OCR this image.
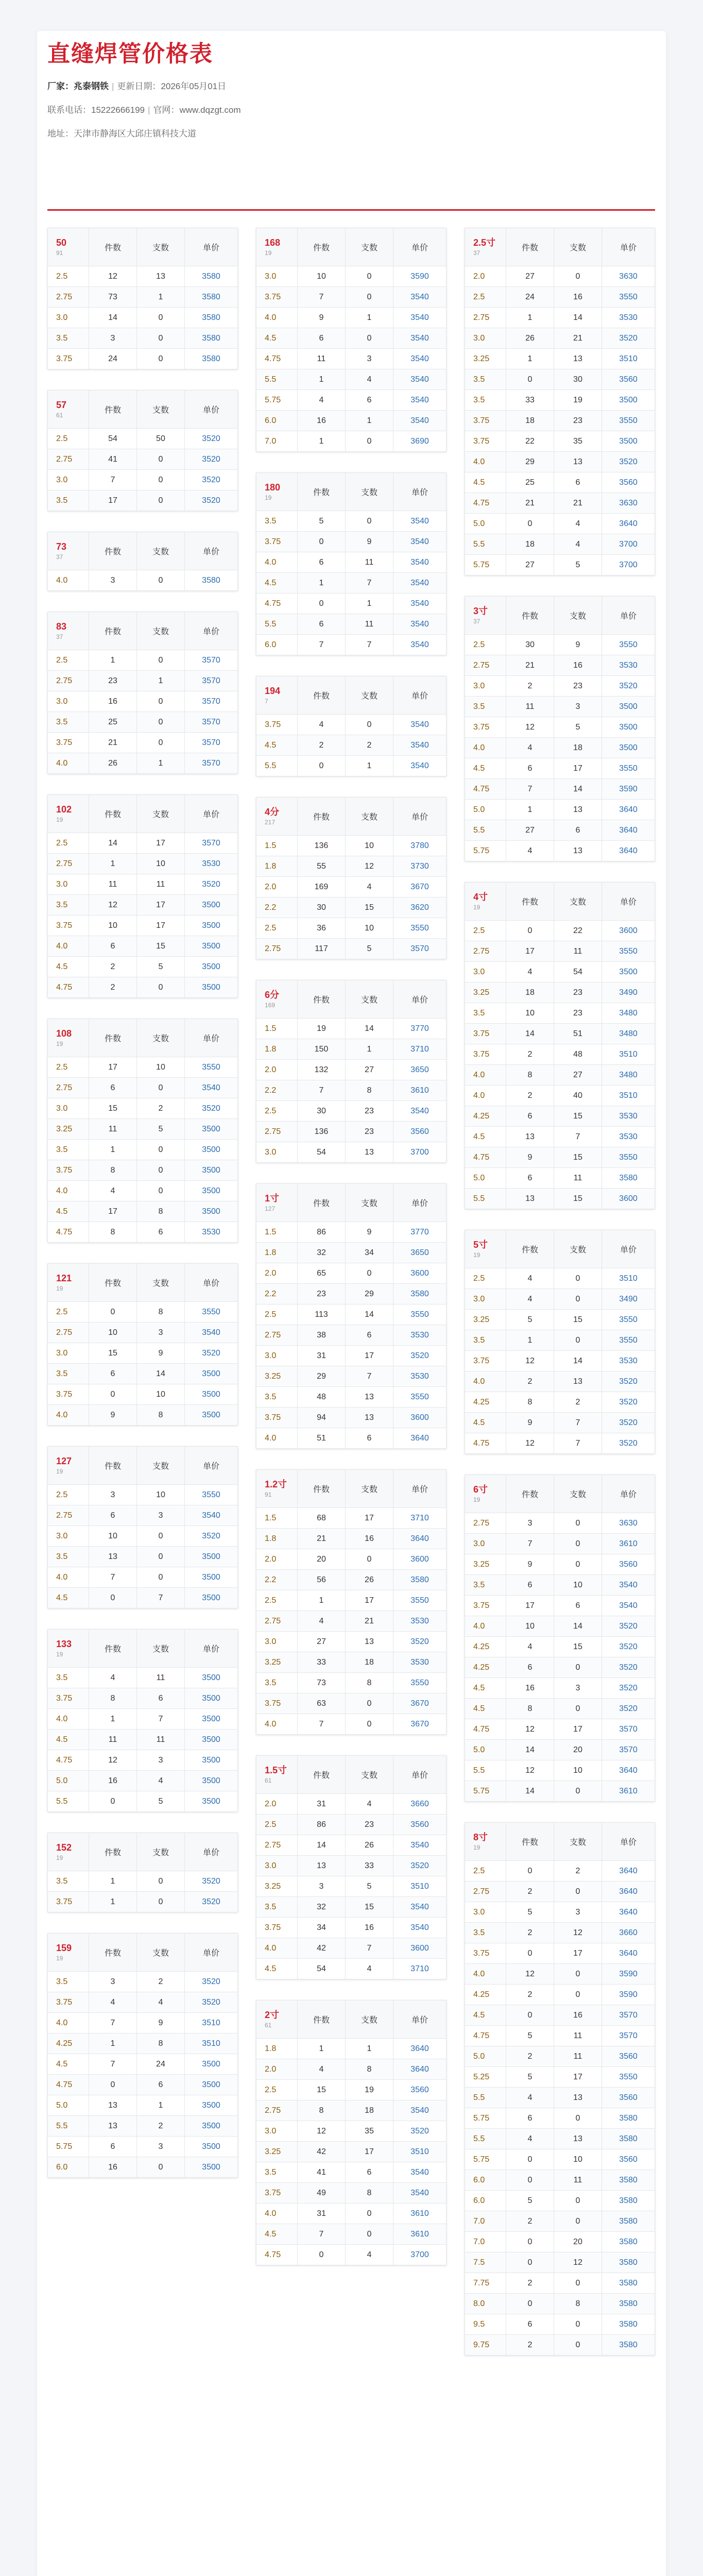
直缝焊管价格表
厂家：兆泰钢铁 | 更新日期：2026年05月01日
联系电话：15222666199 | 官网：www.dqzgt.com
地址：天津市静海区大邱庄镇科技大道
50
91	件数	支数	单价
2.5	12	13	3580
2.75	73	1	3580
3.0	14	0	3580
3.5	3	0	3580
3.75	24	0	3580
57
61	件数	支数	单价
2.5	54	50	3520
2.75	41	0	3520
3.0	7	0	3520
3.5	17	0	3520
73
37	件数	支数	单价
4.0	3	0	3580
83
37	件数	支数	单价
2.5	1	0	3570
2.75	23	1	3570
3.0	16	0	3570
3.5	25	0	3570
3.75	21	0	3570
4.0	26	1	3570
102
19	件数	支数	单价
2.5	14	17	3570
2.75	1	10	3530
3.0	11	11	3520
3.5	12	17	3500
3.75	10	17	3500
4.0	6	15	3500
4.5	2	5	3500
4.75	2	0	3500
108
19	件数	支数	单价
2.5	17	10	3550
2.75	6	0	3540
3.0	15	2	3520
3.25	11	5	3500
3.5	1	0	3500
3.75	8	0	3500
4.0	4	0	3500
4.5	17	8	3500
4.75	8	6	3530
121
19	件数	支数	单价
2.5	0	8	3550
2.75	10	3	3540
3.0	15	9	3520
3.5	6	14	3500
3.75	0	10	3500
4.0	9	8	3500
127
19	件数	支数	单价
2.5	3	10	3550
2.75	6	3	3540
3.0	10	0	3520
3.5	13	0	3500
4.0	7	0	3500
4.5	0	7	3500
133
19	件数	支数	单价
3.5	4	11	3500
3.75	8	6	3500
4.0	1	7	3500
4.5	11	11	3500
4.75	12	3	3500
5.0	16	4	3500
5.5	0	5	3500
152
19	件数	支数	单价
3.5	1	0	3520
3.75	1	0	3520
159
19	件数	支数	单价
3.5	3	2	3520
3.75	4	4	3520
4.0	7	9	3510
4.25	1	8	3510
4.5	7	24	3500
4.75	0	6	3500
5.0	13	1	3500
5.5	13	2	3500
5.75	6	3	3500
6.0	16	0	3500
168
19	件数	支数	单价
3.0	10	0	3590
3.75	7	0	3540
4.0	9	1	3540
4.5	6	0	3540
4.75	11	3	3540
5.5	1	4	3540
5.75	4	6	3540
6.0	16	1	3540
7.0	1	0	3690
180
19	件数	支数	单价
3.5	5	0	3540
3.75	0	9	3540
4.0	6	11	3540
4.5	1	7	3540
4.75	0	1	3540
5.5	6	11	3540
6.0	7	7	3540
194
7	件数	支数	单价
3.75	4	0	3540
4.5	2	2	3540
5.5	0	1	3540
4分
217	件数	支数	单价
1.5	136	10	3780
1.8	55	12	3730
2.0	169	4	3670
2.2	30	15	3620
2.5	36	10	3550
2.75	117	5	3570
6分
169	件数	支数	单价
1.5	19	14	3770
1.8	150	1	3710
2.0	132	27	3650
2.2	7	8	3610
2.5	30	23	3540
2.75	136	23	3560
3.0	54	13	3700
1寸
127	件数	支数	单价
1.5	86	9	3770
1.8	32	34	3650
2.0	65	0	3600
2.2	23	29	3580
2.5	113	14	3550
2.75	38	6	3530
3.0	31	17	3520
3.25	29	7	3530
3.5	48	13	3550
3.75	94	13	3600
4.0	51	6	3640
1.2寸
91	件数	支数	单价
1.5	68	17	3710
1.8	21	16	3640
2.0	20	0	3600
2.2	56	26	3580
2.5	1	17	3550
2.75	4	21	3530
3.0	27	13	3520
3.25	33	18	3530
3.5	73	8	3550
3.75	63	0	3670
4.0	7	0	3670
1.5寸
61	件数	支数	单价
2.0	31	4	3660
2.5	86	23	3560
2.75	14	26	3540
3.0	13	33	3520
3.25	3	5	3510
3.5	32	15	3540
3.75	34	16	3540
4.0	42	7	3600
4.5	54	4	3710
2寸
61	件数	支数	单价
1.8	1	1	3640
2.0	4	8	3640
2.5	15	19	3560
2.75	8	18	3540
3.0	12	35	3520
3.25	42	17	3510
3.5	41	6	3540
3.75	49	8	3540
4.0	31	0	3610
4.5	7	0	3610
4.75	0	4	3700
2.5寸
37	件数	支数	单价
2.0	27	0	3630
2.5	24	16	3550
2.75	1	14	3530
3.0	26	21	3520
3.25	1	13	3510
3.5	0	30	3560
3.5	33	19	3500
3.75	18	23	3550
3.75	22	35	3500
4.0	29	13	3520
4.5	25	6	3560
4.75	21	21	3630
5.0	0	4	3640
5.5	18	4	3700
5.75	27	5	3700
3寸
37	件数	支数	单价
2.5	30	9	3550
2.75	21	16	3530
3.0	2	23	3520
3.5	11	3	3500
3.75	12	5	3500
4.0	4	18	3500
4.5	6	17	3550
4.75	7	14	3590
5.0	1	13	3640
5.5	27	6	3640
5.75	4	13	3640
4寸
19	件数	支数	单价
2.5	0	22	3600
2.75	17	11	3550
3.0	4	54	3500
3.25	18	23	3490
3.5	10	23	3480
3.75	14	51	3480
3.75	2	48	3510
4.0	8	27	3480
4.0	2	40	3510
4.25	6	15	3530
4.5	13	7	3530
4.75	9	15	3550
5.0	6	11	3580
5.5	13	15	3600
5寸
19	件数	支数	单价
2.5	4	0	3510
3.0	4	0	3490
3.25	5	15	3550
3.5	1	0	3550
3.75	12	14	3530
4.0	2	13	3520
4.25	8	2	3520
4.5	9	7	3520
4.75	12	7	3520
6寸
19	件数	支数	单价
2.75	3	0	3630
3.0	7	0	3610
3.25	9	0	3560
3.5	6	10	3540
3.75	17	6	3540
4.0	10	14	3520
4.25	4	15	3520
4.25	6	0	3520
4.5	16	3	3520
4.5	8	0	3520
4.75	12	17	3570
5.0	14	20	3570
5.5	12	10	3640
5.75	14	0	3610
8寸
19	件数	支数	单价
2.5	0	2	3640
2.75	2	0	3640
3.0	5	3	3640
3.5	2	12	3660
3.75	0	17	3640
4.0	12	0	3590
4.25	2	0	3590
4.5	0	16	3570
4.75	5	11	3570
5.0	2	11	3560
5.25	5	17	3550
5.5	4	13	3560
5.75	6	0	3580
5.5	4	13	3580
5.75	0	10	3560
6.0	0	11	3580
6.0	5	0	3580
7.0	2	0	3580
7.0	0	20	3580
7.5	0	12	3580
7.75	2	0	3580
8.0	0	8	3580
9.5	6	0	3580
9.75	2	0	3580
